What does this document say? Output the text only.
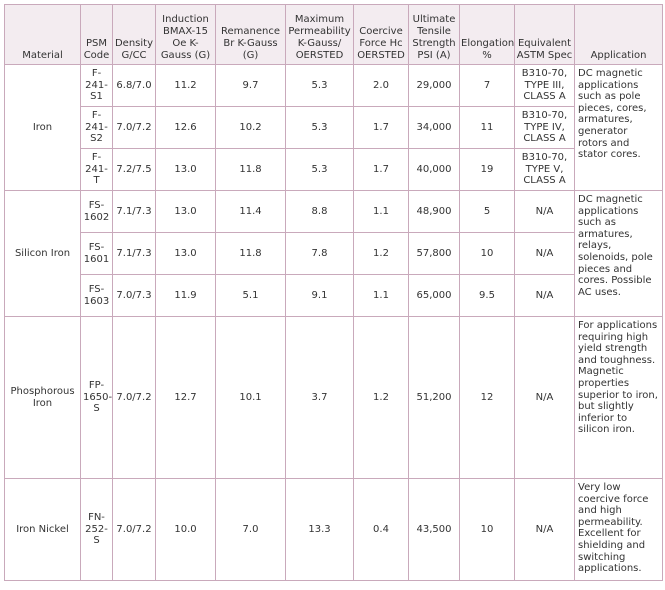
Material	PSM Code	Density G/CC	Induction BMAX-15 Oe K-Gauss (G)	Remanence Br K-Gauss (G)	Maximum Permeability K-Gauss/ OERSTED	Coercive Force Hc OERSTED	Ultimate Tensile Strength PSI (A)	Elongation %	Equivalent ASTM Spec	Application
Iron	F-241-S1	6.8/7.0	11.2	9.7	5.3	2.0	29,000	7	B310-70, TYPE III, CLASS A	DC magnetic applications such as pole pieces, cores, armatures, generator rotors and stator cores.
	F-241-S2	7.0/7.2	12.6	10.2	5.3	1.7	34,000	11	B310-70, TYPE IV, CLASS A	
	F-241-T	7.2/7.5	13.0	11.8	5.3	1.7	40,000	19	B310-70, TYPE V, CLASS A	
Silicon Iron	FS-1602	7.1/7.3	13.0	11.4	8.8	1.1	48,900	5	N/A	DC magnetic applications such as armatures, relays, solenoids, pole pieces and cores. Possible AC uses.
	FS-1601	7.1/7.3	13.0	11.8	7.8	1.2	57,800	10	N/A	
	FS-1603	7.0/7.3	11.9	5.1	9.1	1.1	65,000	9.5	N/A	
Phosphorous Iron	FP-1650-S	7.0/7.2	12.7	10.1	3.7	1.2	51,200	12	N/A	For applications requiring high yield strength and toughness. Magnetic properties superior to iron, but slightly inferior to silicon iron.
Iron Nickel	FN-252-S	7.0/7.2	10.0	7.0	13.3	0.4	43,500	10	N/A	Very low coercive force and high permeability. Excellent for shielding and switching applications.
